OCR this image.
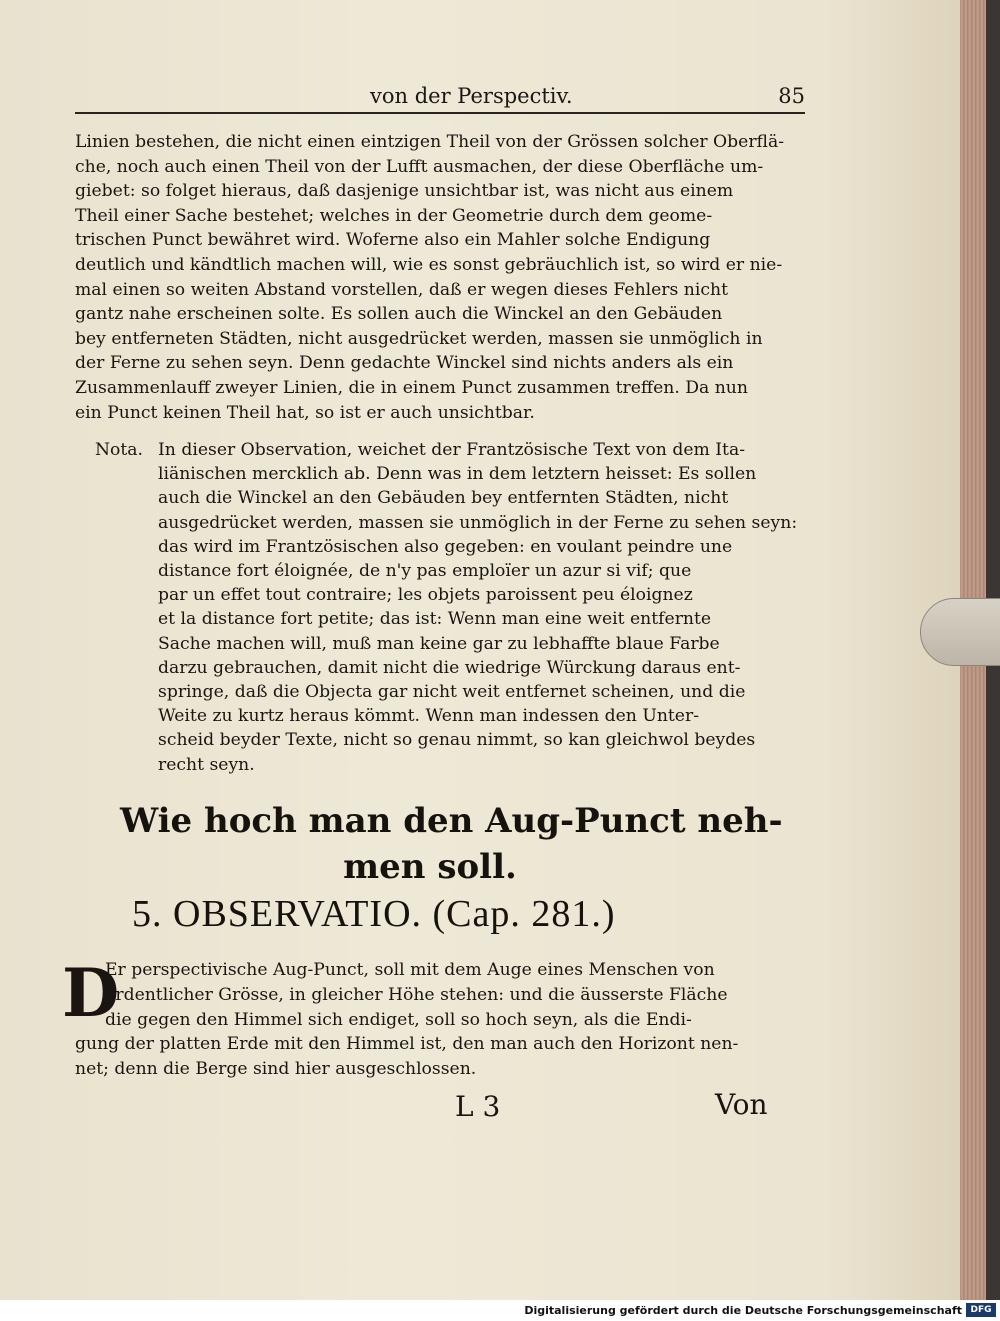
von der Perspectiv.	85
Linien bestehen, die nicht einen eintzigen Theil von der Grössen solcher Oberflä-
che, noch auch einen Theil von der Lufft ausmachen, der diese Oberfläche um-
giebet: so folget hieraus, daß dasjenige unsichtbar ist, was nicht aus einem
Theil einer Sache bestehet; welches in der Geometrie durch dem geome-
trischen Punct bewähret wird. Woferne also ein Mahler solche Endigung
deutlich und kändtlich machen will, wie es sonst gebräuchlich ist, so wird er nie-
mal einen so weiten Abstand vorstellen, daß er wegen dieses Fehlers nicht
gantz nahe erscheinen solte. Es sollen auch die Winckel an den Gebäuden
bey entferneten Städten, nicht ausgedrücket werden, massen sie unmöglich in
der Ferne zu sehen seyn. Denn gedachte Winckel sind nichts anders als ein
Zusammenlauff zweyer Linien, die in einem Punct zusammen treffen. Da nun
ein Punct keinen Theil hat, so ist er auch unsichtbar.
Nota. In dieser Observation, weichet der Frantzösische Text von dem Ita-
liänischen mercklich ab. Denn was in dem letztern heisset: Es sollen
auch die Winckel an den Gebäuden bey entfernten Städten, nicht
ausgedrücket werden, massen sie unmöglich in der Ferne zu sehen seyn:
das wird im Frantzösischen also gegeben: en voulant peindre une
distance fort éloignée, de n'y pas emploïer un azur si vif; que
par un effet tout contraire; les objets paroissent peu éloignez
et la distance fort petite; das ist: Wenn man eine weit entfernte
Sache machen will, muß man keine gar zu lebhaffte blaue Farbe
darzu gebrauchen, damit nicht die wiedrige Würckung daraus ent-
springe, daß die Objecta gar nicht weit entfernet scheinen, und die
Weite zu kurtz heraus kömmt. Wenn man indessen den Unter-
scheid beyder Texte, nicht so genau nimmt, so kan gleichwol beydes
recht seyn.
Wie hoch man den Aug-Punct neh-
men soll.
5. OBSERVATIO. (Cap. 281.)
D
Er perspectivische Aug-Punct, soll mit dem Auge eines Menschen von
ordentlicher Grösse, in gleicher Höhe stehen: und die äusserste Fläche
die gegen den Himmel sich endiget, soll so hoch seyn, als die Endi-
gung der platten Erde mit den Himmel ist, den man auch den Horizont nen-
net; denn die Berge sind hier ausgeschlossen.
L 3	Von
Digitalisierung gefördert durch die Deutsche Forschungsgemeinschaft DFG
